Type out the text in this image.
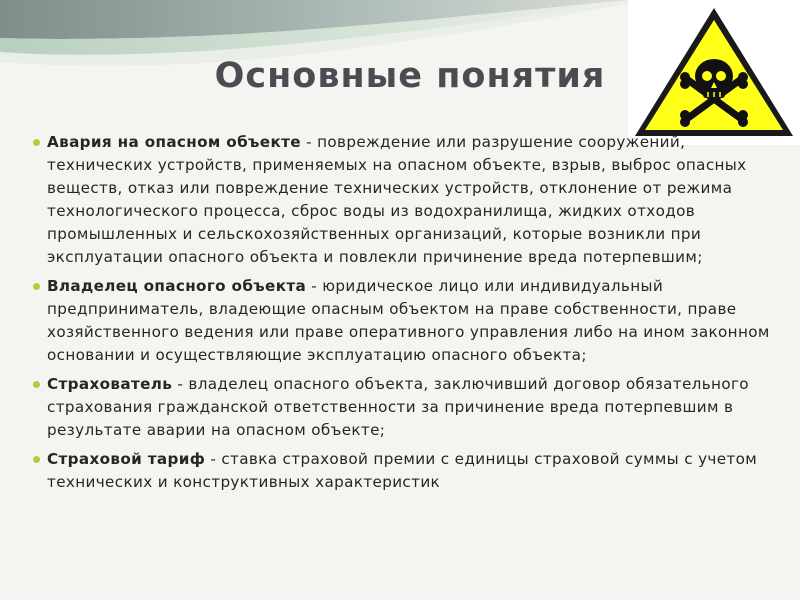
Основные понятия
Авария на опасном объекте - повреждение или разрушение сооружений, технических устройств, применяемых на опасном объекте, взрыв, выброс опасных веществ, отказ или повреждение технических устройств, отклонение от режима технологического процесса, сброс воды из водохранилища, жидких отходов промышленных и сельскохозяйственных организаций, которые возникли при эксплуатации опасного объекта и повлекли причинение вреда потерпевшим;
Владелец опасного объекта - юридическое лицо или индивидуальный предприниматель, владеющие опасным объектом на праве собственности, праве хозяйственного ведения или праве оперативного управления либо на ином законном основании и осуществляющие эксплуатацию опасного объекта;
Страхователь - владелец опасного объекта, заключивший договор обязательного страхования гражданской ответственности за причинение вреда потерпевшим в результате аварии на опасном объекте;
Страховой тариф - ставка страховой премии с единицы страховой суммы с учетом технических и конструктивных характеристик
